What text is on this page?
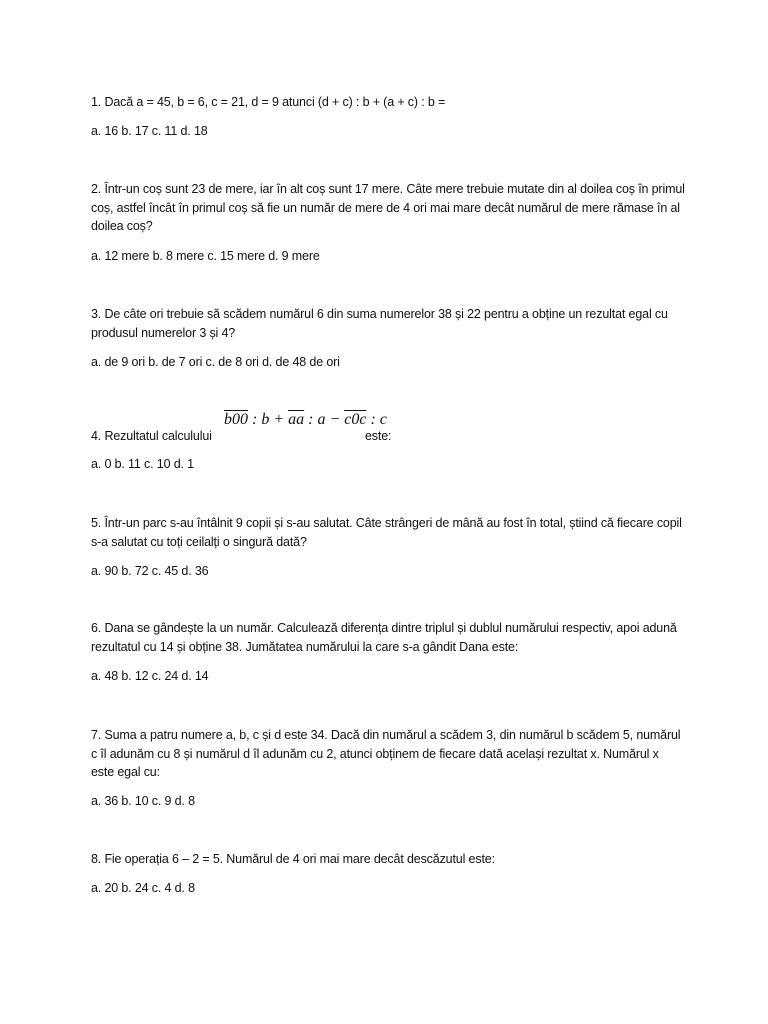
1. Dacă a = 45, b = 6, c = 21, d = 9 atunci (d + c) : b + (a + c) : b =

a. 16 b. 17 c. 11 d. 18

2. Într-un coș sunt 23 de mere, iar în alt coș sunt 17 mere. Câte mere trebuie mutate din al doilea coș în primul coș, astfel încât în primul coș să fie un număr de mere de 4 ori mai mare decât numărul de mere rămase în al doilea coș?

a. 12 mere b. 8 mere c. 15 mere d. 9 mere

3. De câte ori trebuie să scădem numărul 6 din suma numerelor 38 și 22 pentru a obține un rezultat egal cu produsul numerelor 3 și 4?

a. de 9 ori b. de 7 ori c. de 8 ori d. de 48 de ori

4. Rezultatul calculului
b00 : $b + \overline{aa}$ : a − c0c : c
este:

a. 0 b. 11 c. 10 d. 1

5. Într-un parc s-au întâlnit 9 copii și s-au salutat. Câte strângeri de mână au fost în total, știind că fiecare copil s-a salutat cu toți ceilalți o singură dată?

a. 90 b. 72 c. 45 d. 36

6. Dana se gândește la un număr. Calculează diferența dintre triplul și dublul numărului respectiv, apoi adună rezultatul cu 14 și obține 38. Jumătatea numărului la care s-a gândit Dana este:

a. 48 b. 12 c. 24 d. 14

7. Suma a patru numere a, b, c și d este 34. Dacă din numărul a scădem 3, din numărul b scădem 5, numărul c îl adunăm cu 8 și numărul d îl adunăm cu 2, atunci obținem de fiecare dată același rezultat x. Numărul x este egal cu:

a. 36 b. 10 c. 9 d. 8

8. Fie operația 6 – 2 = 5. Numărul de 4 ori mai mare decât descăzutul este:

a. 20 b. 24 c. 4 d. 8
